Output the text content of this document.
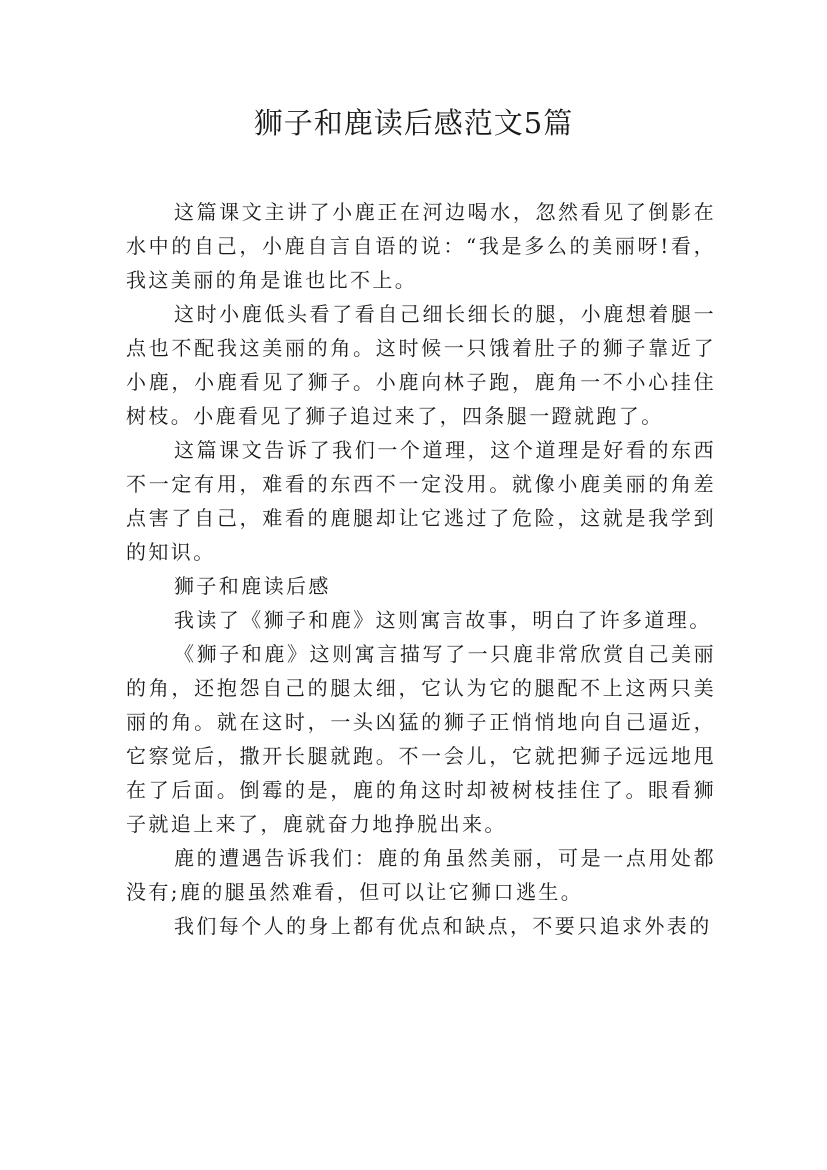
狮子和鹿读后感范文5篇

这篇课文主讲了小鹿正在河边喝水，忽然看见了倒影在水中的自己，小鹿自言自语的说：“我是多么的美丽呀!看，我这美丽的角是谁也比不上。

这时小鹿低头看了看自己细长细长的腿，小鹿想着腿一点也不配我这美丽的角。这时候一只饿着肚子的狮子靠近了小鹿，小鹿看见了狮子。小鹿向林子跑，鹿角一不小心挂住树枝。小鹿看见了狮子追过来了，四条腿一蹬就跑了。

这篇课文告诉了我们一个道理，这个道理是好看的东西不一定有用，难看的东西不一定没用。就像小鹿美丽的角差点害了自己，难看的鹿腿却让它逃过了危险，这就是我学到的知识。

狮子和鹿读后感

我读了《狮子和鹿》这则寓言故事，明白了许多道理。

《狮子和鹿》这则寓言描写了一只鹿非常欣赏自己美丽的角，还抱怨自己的腿太细，它认为它的腿配不上这两只美丽的角。就在这时，一头凶猛的狮子正悄悄地向自己逼近，它察觉后，撒开长腿就跑。不一会儿，它就把狮子远远地甩在了后面。倒霉的是，鹿的角这时却被树枝挂住了。眼看狮子就追上来了，鹿就奋力地挣脱出来。

鹿的遭遇告诉我们：鹿的角虽然美丽，可是一点用处都没有;鹿的腿虽然难看，但可以让它狮口逃生。

我们每个人的身上都有优点和缺点，不要只追求外表的
